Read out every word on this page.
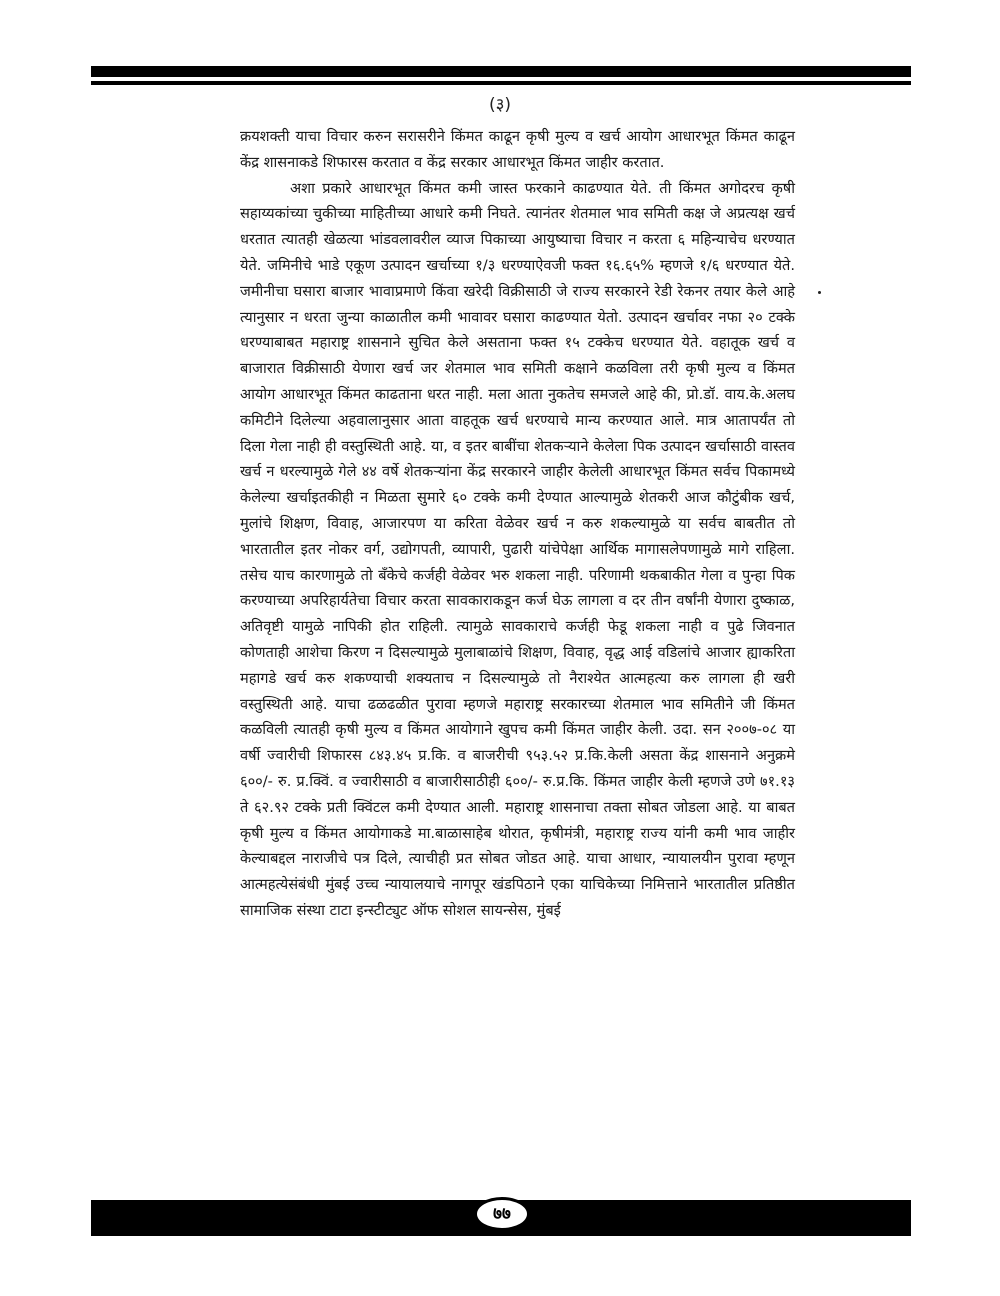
(३)

क्रयशक्ती याचा विचार करुन सरासरीने किंमत काढून कृषी मुल्य व खर्च आयोग आधारभूत किंमत काढून केंद्र शासनाकडे शिफारस करतात व केंद्र सरकार आधारभूत किंमत जाहीर करतात.

अशा प्रकारे आधारभूत किंमत कमी जास्त फरकाने काढण्यात येते. ती किंमत अगोदरच कृषी सहाय्यकांच्या चुकीच्या माहितीच्या आधारे कमी निघते. त्यानंतर शेतमाल भाव समिती कक्ष जे अप्रत्यक्ष खर्च धरतात त्यातही खेळत्या भांडवलावरील व्याज पिकाच्या आयुष्याचा विचार न करता ६ महिन्याचेच धरण्यात येते. जमिनीचे भाडे एकूण उत्पादन खर्चाच्या १/३ धरण्याऐवजी फक्त १६.६५% म्हणजे १/६ धरण्यात येते. जमीनीचा घसारा बाजार भावाप्रमाणे किंवा खरेदी विक्रीसाठी जे राज्य सरकारने रेडी रेकनर तयार केले आहे त्यानुसार न धरता जुन्या काळातील कमी भावावर घसारा काढण्यात येतो. उत्पादन खर्चावर नफा २० टक्के धरण्याबाबत महाराष्ट्र शासनाने सुचित केले असताना फक्त १५ टक्केच धरण्यात येते. वहातूक खर्च व बाजारात विक्रीसाठी येणारा खर्च जर शेतमाल भाव समिती कक्षाने कळविला तरी कृषी मुल्य व किंमत आयोग आधारभूत किंमत काढताना धरत नाही. मला आता नुकतेच समजले आहे की, प्रो.डॉ. वाय.के.अलघ कमिटीने दिलेल्या अहवालानुसार आता वाहतूक खर्च धरण्याचे मान्य करण्यात आले. मात्र आतापर्यंत तो दिला गेला नाही ही वस्तुस्थिती आहे. या, व इतर बाबींचा शेतकऱ्याने केलेला पिक उत्पादन खर्चासाठी वास्तव खर्च न धरल्यामुळे गेले ४४ वर्षे शेतकऱ्यांना केंद्र सरकारने जाहीर केलेली आधारभूत किंमत सर्वच पिकामध्ये केलेल्या खर्चाइतकीही न मिळता सुमारे ६० टक्के कमी देण्यात आल्यामुळे शेतकरी आज कौटुंबीक खर्च, मुलांचे शिक्षण, विवाह, आजारपण या करिता वेळेवर खर्च न करु शकल्यामुळे या सर्वच बाबतीत तो भारतातील इतर नोकर वर्ग, उद्योगपती, व्यापारी, पुढारी यांचेपेक्षा आर्थिक मागासलेपणामुळे मागे राहिला. तसेच याच कारणामुळे तो बँकेचे कर्जही वेळेवर भरु शकला नाही. परिणामी थकबाकीत गेला व पुन्हा पिक करण्याच्या अपरिहार्यतेचा विचार करता सावकाराकडून कर्ज घेऊ लागला व दर तीन वर्षांनी येणारा दुष्काळ, अतिवृष्टी यामुळे नापिकी होत राहिली. त्यामुळे सावकाराचे कर्जही फेडू शकला नाही व पुढे जिवनात कोणताही आशेचा किरण न दिसल्यामुळे मुलाबाळांचे शिक्षण, विवाह, वृद्ध आई वडिलांचे आजार ह्याकरिता महागडे खर्च करु शकण्याची शक्यताच न दिसल्यामुळे तो नैराश्येत आत्महत्या करु लागला ही खरी वस्तुस्थिती आहे. याचा ढळढळीत पुरावा म्हणजे महाराष्ट्र सरकारच्या शेतमाल भाव समितीने जी किंमत कळविली त्यातही कृषी मुल्य व किंमत आयोगाने खुपच कमी किंमत जाहीर केली. उदा. सन २००७-०८ या वर्षी ज्वारीची शिफारस ८४३.४५ प्र.कि. व बाजरीची ९५३.५२ प्र.कि.केली असता केंद्र शासनाने अनुक्रमे ६००/- रु. प्र.क्विं. व ज्वारीसाठी व बाजारीसाठीही ६००/- रु.प्र.कि. किंमत जाहीर केली म्हणजे उणे ७१.१३ ते ६२.९२ टक्के प्रती क्विंटल कमी देण्यात आली. महाराष्ट्र शासनाचा तक्ता सोबत जोडला आहे. या बाबत कृषी मुल्य व किंमत आयोगाकडे मा.बाळासाहेब थोरात, कृषीमंत्री, महाराष्ट्र राज्य यांनी कमी भाव जाहीर केल्याबद्दल नाराजीचे पत्र दिले, त्याचीही प्रत सोबत जोडत आहे. याचा आधार, न्यायालयीन पुरावा म्हणून आत्महत्येसंबंधी मुंबई उच्च न्यायालयाचे नागपूर खंडपिठाने एका याचिकेच्या निमित्ताने भारतातील प्रतिष्ठीत सामाजिक संस्था टाटा इन्स्टीट्युट ऑफ सोशल सायन्सेस, मुंबई

७७
